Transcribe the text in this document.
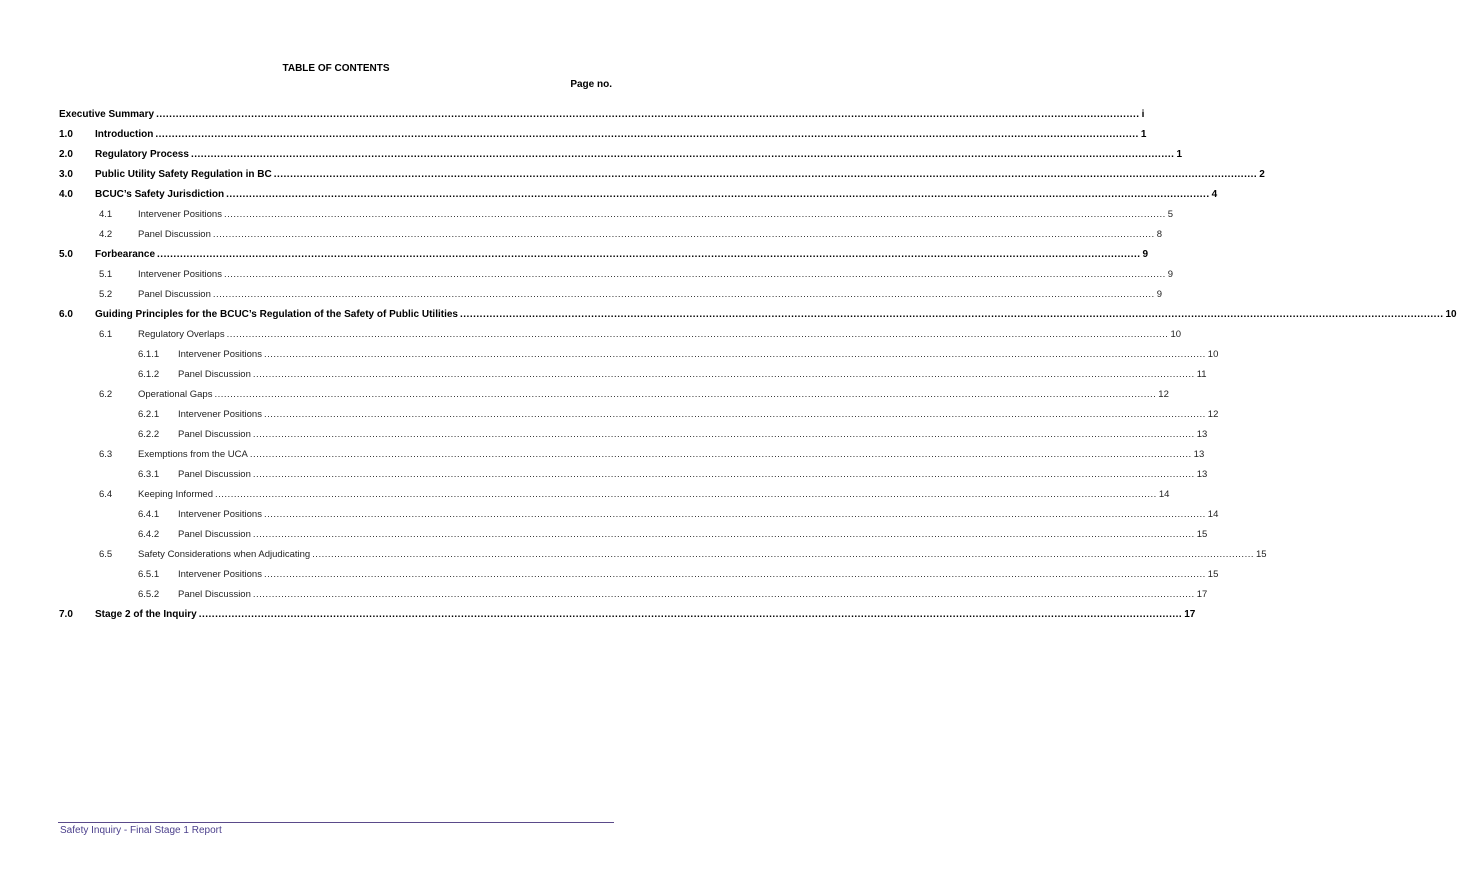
TABLE OF CONTENTS
Page no.
Executive Summary ............................................................................................................................................................................................................................................................................................................ i
1.0 Introduction ............................................................................................................................................................................................................................................................................................................ 1
2.0 Regulatory Process ............................................................................................................................................................................................................................................................................................................ 1
3.0 Public Utility Safety Regulation in BC ............................................................................................................................................................................................................................................................................................................ 2
4.0 BCUC’s Safety Jurisdiction ............................................................................................................................................................................................................................................................................................................ 4
4.1	Intervener Positions ............................................................................................................................................................................................................................................................................................................ 5
4.2	Panel Discussion ............................................................................................................................................................................................................................................................................................................ 8
5.0 Forbearance ............................................................................................................................................................................................................................................................................................................ 9
5.1	Intervener Positions ............................................................................................................................................................................................................................................................................................................ 9
5.2	Panel Discussion ............................................................................................................................................................................................................................................................................................................ 9
6.0 Guiding Principles for the BCUC’s Regulation of the Safety of Public Utilities ............................................................................................................................................................................................................................................................................................................ 10
6.1	Regulatory Overlaps ............................................................................................................................................................................................................................................................................................................ 10
6.1.1 Intervener Positions ............................................................................................................................................................................................................................................................................................................ 10
6.1.2 Panel Discussion ............................................................................................................................................................................................................................................................................................................ 11
6.2	Operational Gaps ............................................................................................................................................................................................................................................................................................................ 12
6.2.1 Intervener Positions ............................................................................................................................................................................................................................................................................................................ 12
6.2.2 Panel Discussion ............................................................................................................................................................................................................................................................................................................ 13
6.3	Exemptions from the UCA ............................................................................................................................................................................................................................................................................................................ 13
6.3.1 Panel Discussion ............................................................................................................................................................................................................................................................................................................ 13
6.4	Keeping Informed ............................................................................................................................................................................................................................................................................................................ 14
6.4.1 Intervener Positions ............................................................................................................................................................................................................................................................................................................ 14
6.4.2 Panel Discussion ............................................................................................................................................................................................................................................................................................................ 15
6.5	Safety Considerations when Adjudicating ............................................................................................................................................................................................................................................................................................................ 15
6.5.1 Intervener Positions ............................................................................................................................................................................................................................................................................................................ 15
6.5.2 Panel Discussion ............................................................................................................................................................................................................................................................................................................ 17
7.0 Stage 2 of the Inquiry ............................................................................................................................................................................................................................................................................................................ 17
Safety Inquiry - Final Stage 1 Report
